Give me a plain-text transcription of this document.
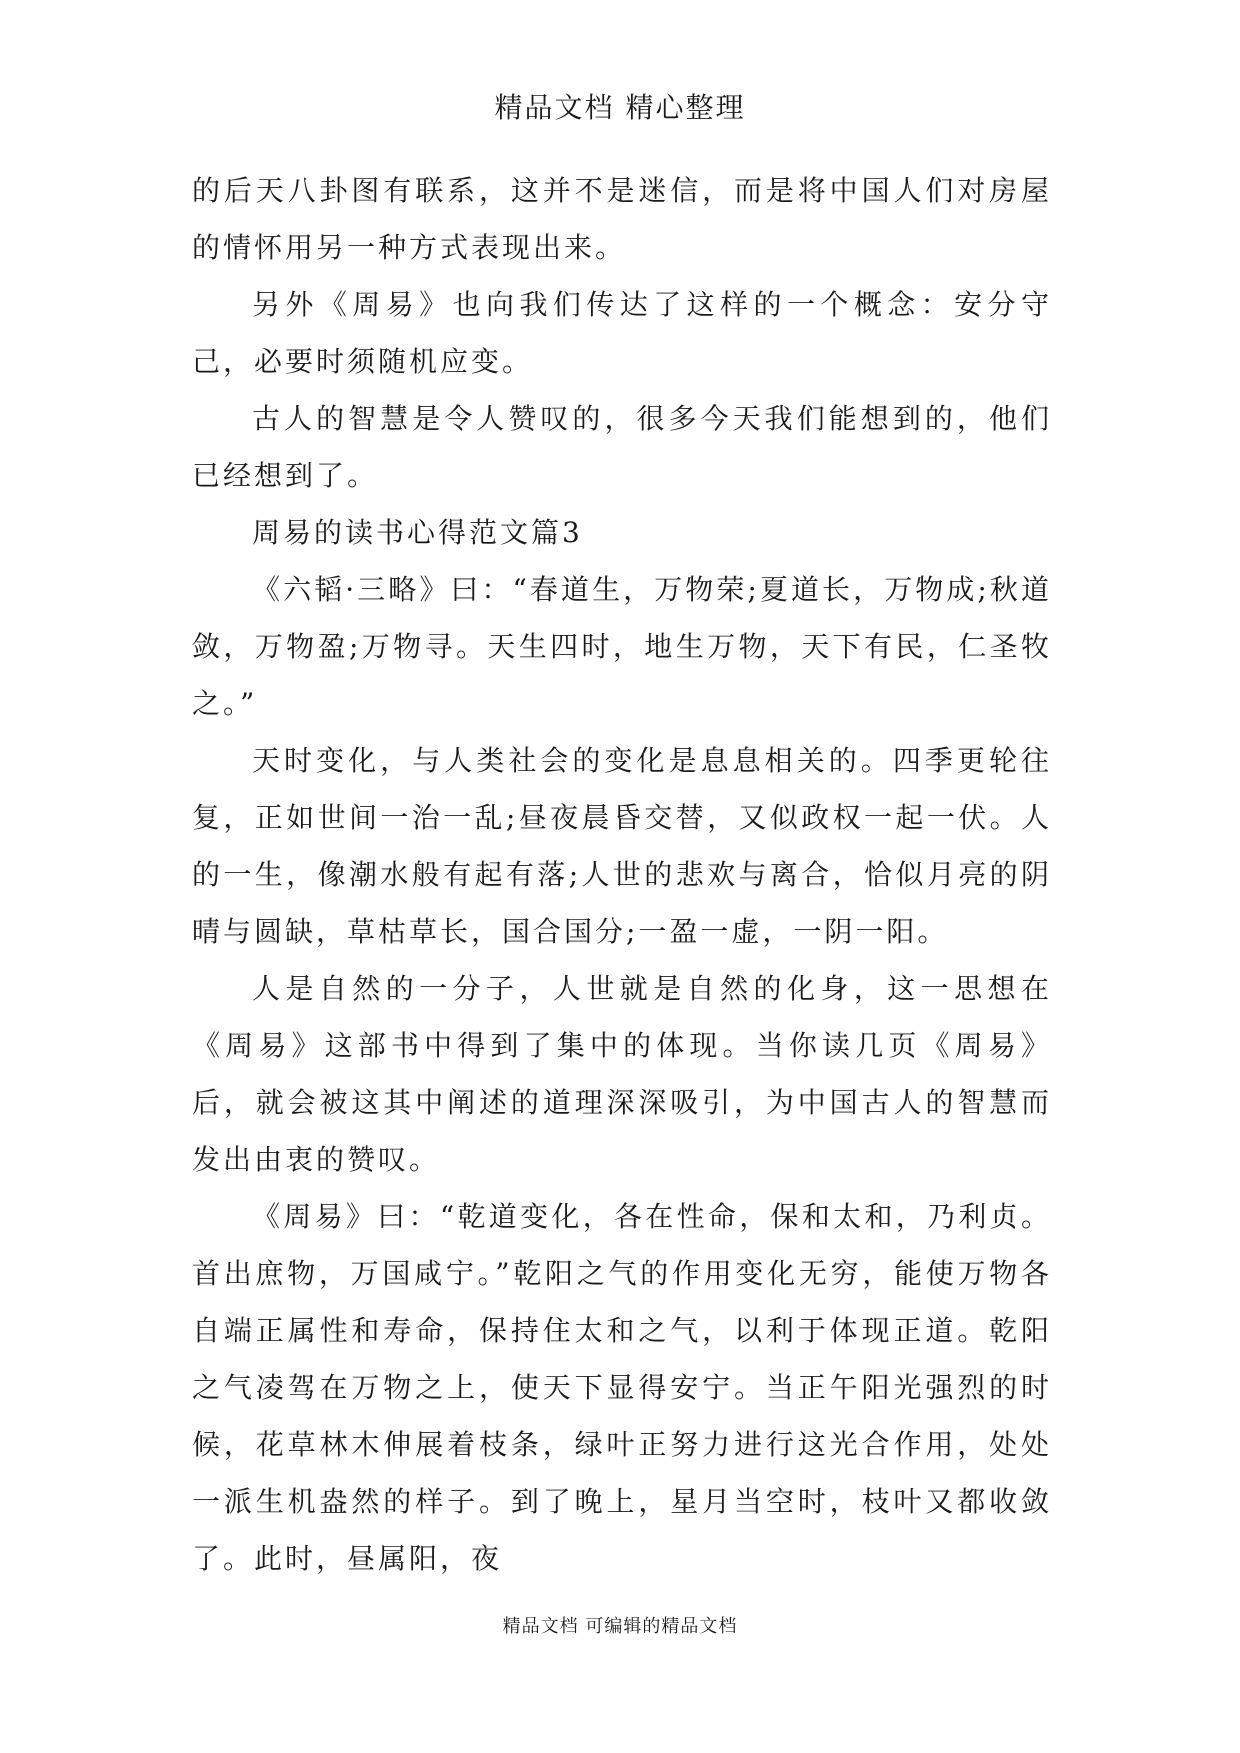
精品文档 精心整理

的后天八卦图有联系，这并不是迷信，而是将中国人们对房屋的情怀用另一种方式表现出来。

另外《周易》也向我们传达了这样的一个概念：安分守己，必要时须随机应变。

古人的智慧是令人赞叹的，很多今天我们能想到的，他们已经想到了。

周易的读书心得范文篇3

《六韬·三略》曰：“春道生，万物荣;夏道长，万物成;秋道敛，万物盈;万物寻。天生四时，地生万物，天下有民，仁圣牧之。”

天时变化，与人类社会的变化是息息相关的。四季更轮往复，正如世间一治一乱;昼夜晨昏交替，又似政权一起一伏。人的一生，像潮水般有起有落;人世的悲欢与离合，恰似月亮的阴晴与圆缺，草枯草长，国合国分;一盈一虚，一阴一阳。

人是自然的一分子，人世就是自然的化身，这一思想在《周易》这部书中得到了集中的体现。当你读几页《周易》后，就会被这其中阐述的道理深深吸引，为中国古人的智慧而发出由衷的赞叹。

《周易》曰：“乾道变化，各在性命，保和太和，乃利贞。首出庶物，万国咸宁。”乾阳之气的作用变化无穷，能使万物各自端正属性和寿命，保持住太和之气，以利于体现正道。乾阳之气凌驾在万物之上，使天下显得安宁。当正午阳光强烈的时候，花草林木伸展着枝条，绿叶正努力进行这光合作用，处处一派生机盎然的样子。到了晚上，星月当空时，枝叶又都收敛了。此时，昼属阳，夜

精品文档 可编辑的精品文档
